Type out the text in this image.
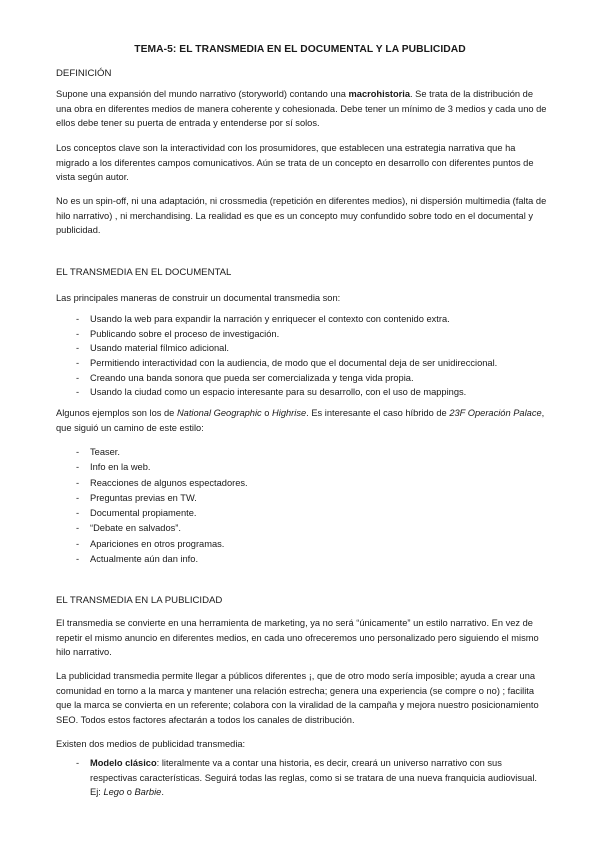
TEMA-5: EL TRANSMEDIA EN EL DOCUMENTAL Y LA PUBLICIDAD
DEFINICIÓN
Supone una expansión del mundo narrativo (storyworld) contando una macrohistoria. Se trata de la distribución de una obra en diferentes medios de manera coherente y cohesionada. Debe tener un mínimo de 3 medios y cada uno de ellos debe tener su puerta de entrada y entenderse por sí solos.
Los conceptos clave son la interactividad con los prosumidores, que establecen una estrategia narrativa que ha migrado a los diferentes campos comunicativos. Aún se trata de un concepto en desarrollo con diferentes puntos de vista según autor.
No es un spin-off, ni una adaptación, ni crossmedia (repetición en diferentes medios), ni dispersión multimedia (falta de hilo narrativo) , ni merchandising. La realidad es que es un concepto muy confundido sobre todo en el documental y publicidad.
EL TRANSMEDIA EN EL DOCUMENTAL
Las principales maneras de construir un documental transmedia son:
- Usando la web para expandir la narración y enriquecer el contexto con contenido extra.
- Publicando sobre el proceso de investigación.
- Usando material fílmico adicional.
- Permitiendo interactividad con la audiencia, de modo que el documental deja de ser unidireccional.
- Creando una banda sonora que pueda ser comercializada y tenga vida propia.
- Usando la ciudad como un espacio interesante para su desarrollo, con el uso de mappings.
Algunos ejemplos son los de National Geographic o Highrise. Es interesante el caso híbrido de 23F Operación Palace, que siguió un camino de este estilo:
- Teaser.
- Info en la web.
- Reacciones de algunos espectadores.
- Preguntas previas en TW.
- Documental propiamente.
- “Debate en salvados”.
- Apariciones en otros programas.
- Actualmente aún dan info.
EL TRANSMEDIA EN LA PUBLICIDAD
El transmedia se convierte en una herramienta de marketing, ya no será “únicamente” un estilo narrativo. En vez de repetir el mismo anuncio en diferentes medios, en cada uno ofreceremos uno personalizado pero siguiendo el mismo hilo narrativo.
La publicidad transmedia permite llegar a públicos diferentes ¡, que de otro modo sería imposible; ayuda a crear una comunidad en torno a la marca y mantener una relación estrecha; genera una experiencia (se compre o no) ; facilita que la marca se convierta en un referente; colabora con la viralidad de la campaña y mejora nuestro posicionamiento SEO. Todos estos factores afectarán a todos los canales de distribución.
Existen dos medios de publicidad transmedia:
- Modelo clásico: literalmente va a contar una historia, es decir, creará un universo narrativo con sus respectivas características. Seguirá todas las reglas, como si se tratara de una nueva franquicia audiovisual. Ej: Lego o Barbie.
